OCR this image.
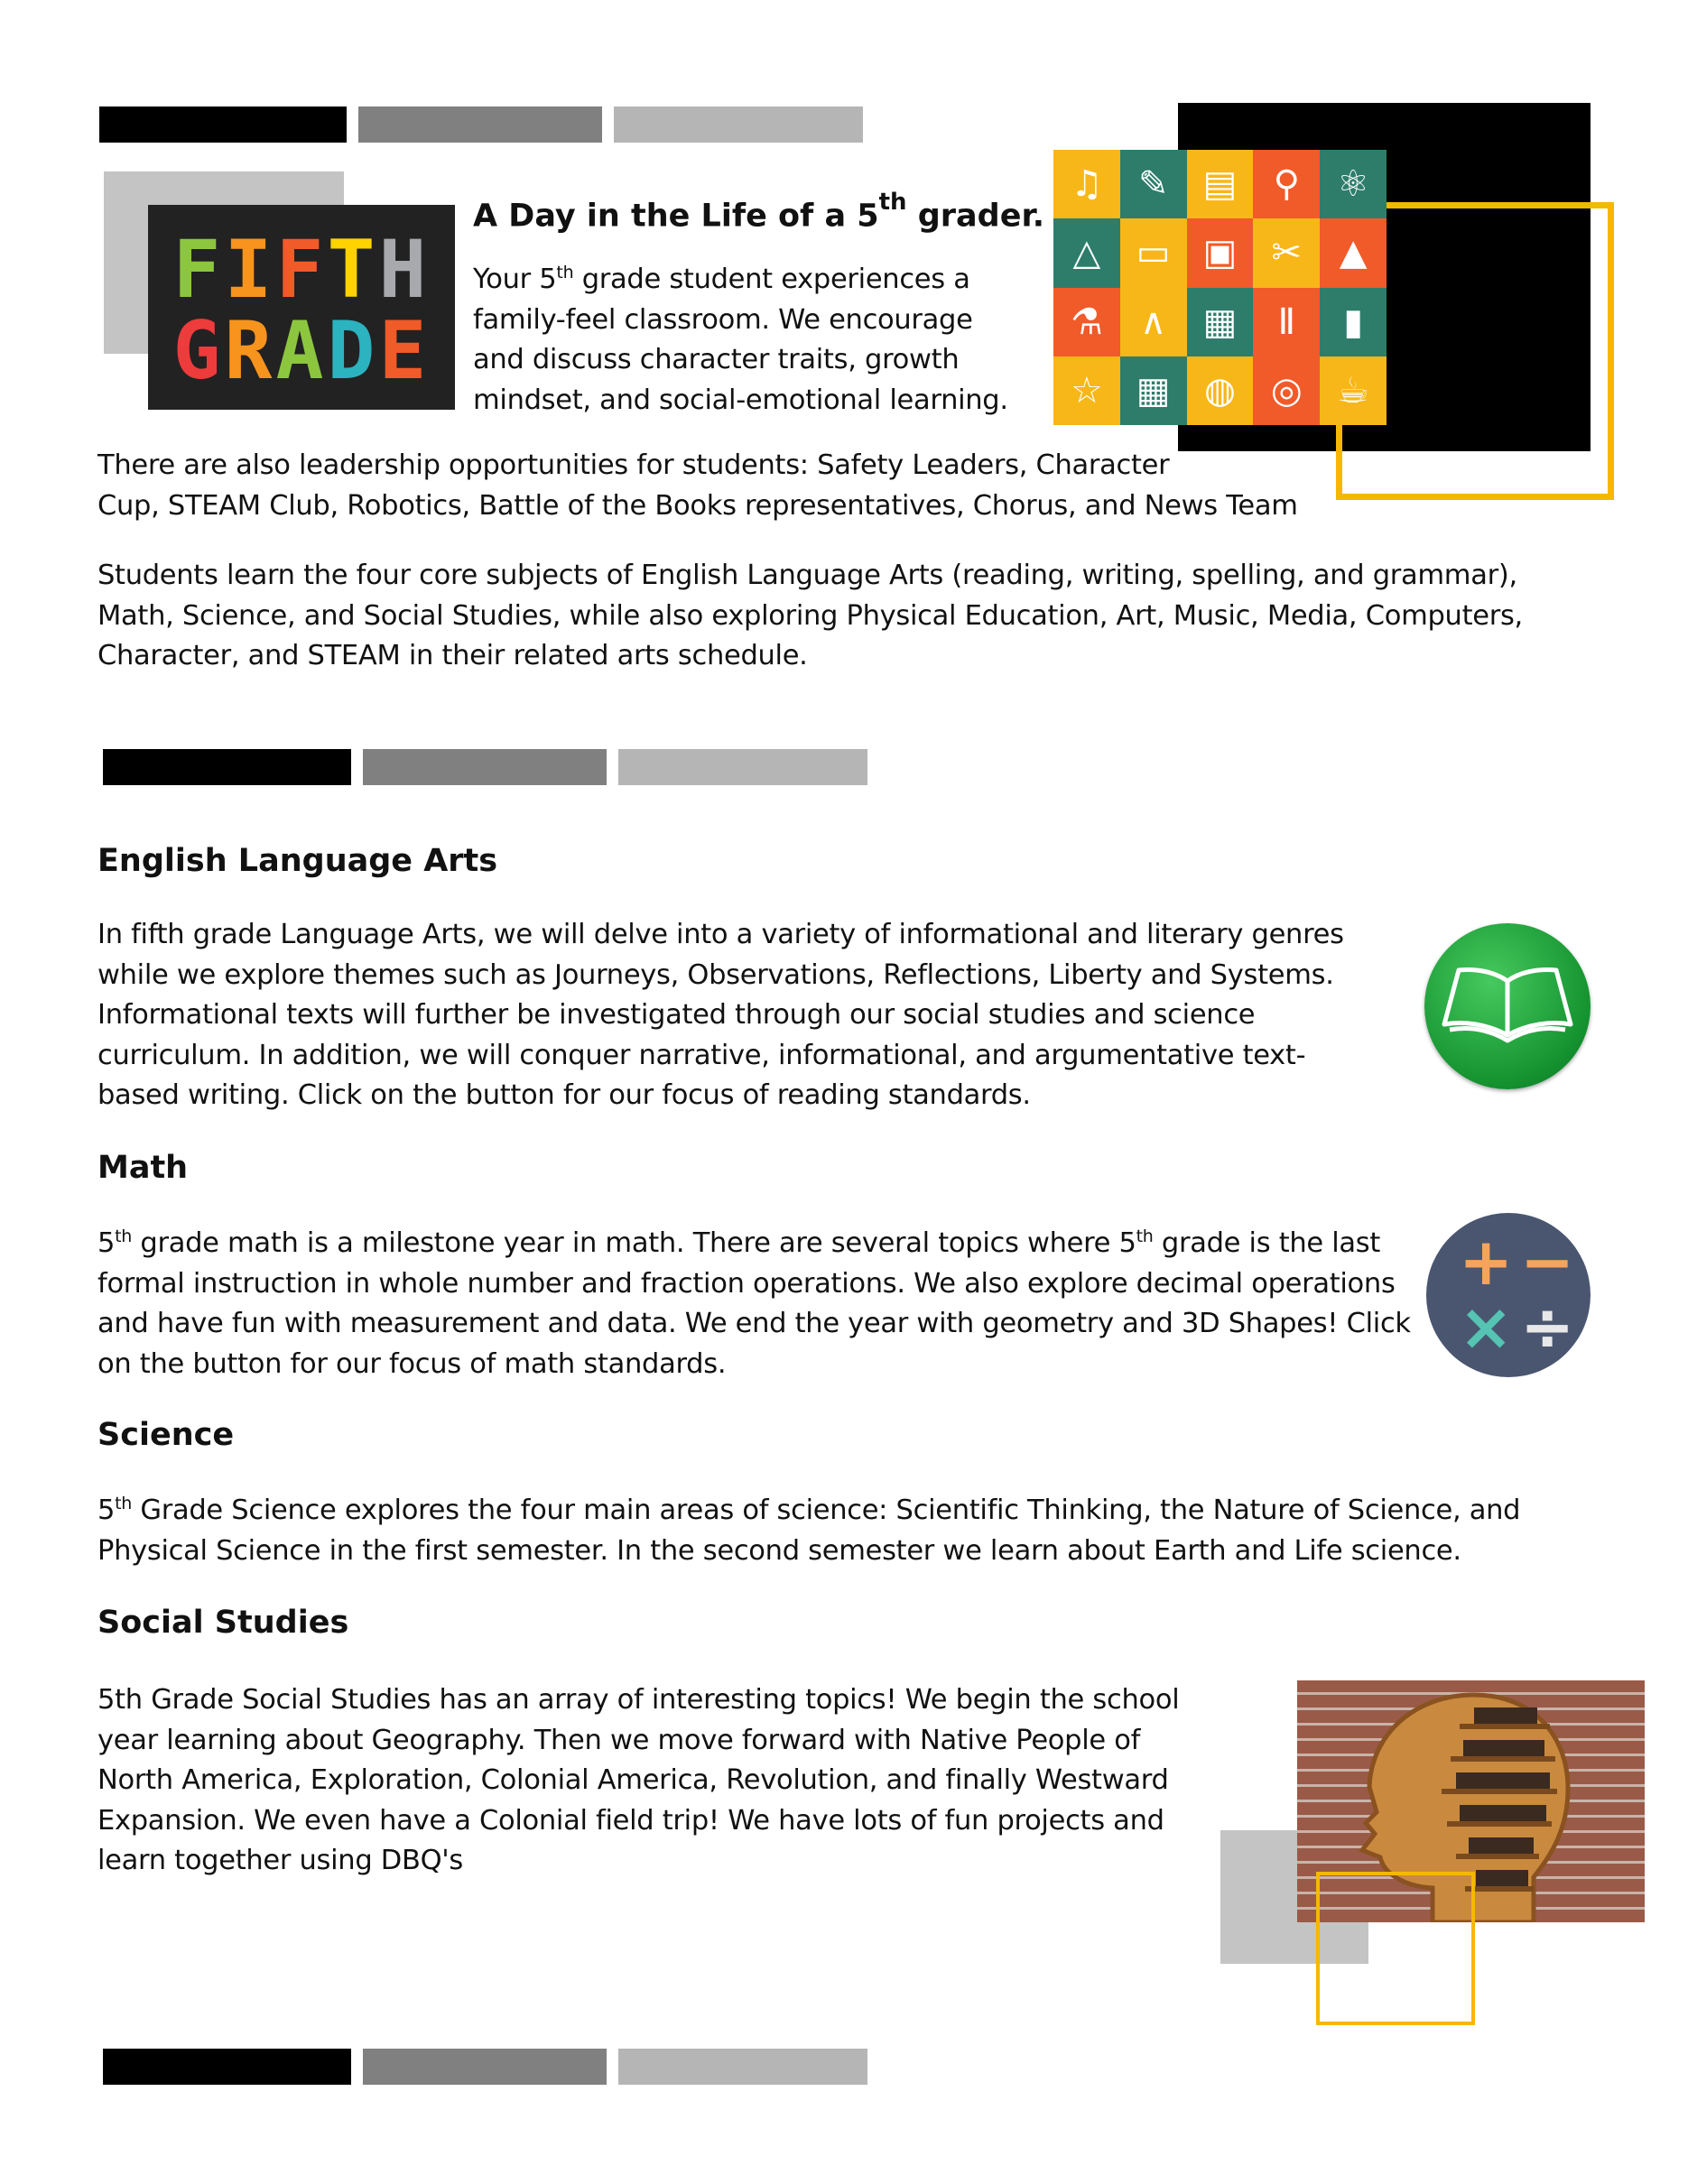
FIFTH
GRADE
A Day in the Life of a 5th grader.
Your 5th grade student experiences a
family-feel classroom. We encourage
and discuss character traits, growth
mindset, and social-emotional learning.
♫ ✎ ▤	⚲	⚛
△ ▭ ▣ ✂	▲
⚗	∧	▦	Ⅱ	▮
☆ ▦ ◍ ◎ ☕
There are also leadership opportunities for students: Safety Leaders, Character
Cup, STEAM Club, Robotics, Battle of the Books representatives, Chorus, and News Team
Students learn the four core subjects of English Language Arts (reading, writing, spelling, and grammar),
Math, Science, and Social Studies, while also exploring Physical Education, Art, Music, Media, Computers,
Character, and STEAM in their related arts schedule.
English Language Arts
In fifth grade Language Arts, we will delve into a variety of informational and literary genres
while we explore themes such as Journeys, Observations, Reflections, Liberty and Systems.
Informational texts will further be investigated through our social studies and science
curriculum. In addition, we will conquer narrative, informational, and argumentative text-
based writing. Click on the button for our focus of reading standards.
Math
5th grade math is a milestone year in math. There are several topics where 5th grade is the last
formal instruction in whole number and fraction operations. We also explore decimal operations
and have fun with measurement and data. We end the year with geometry and 3D Shapes! Click
on the button for our focus of math standards.
+ −
× ÷
Science
5th Grade Science explores the four main areas of science: Scientific Thinking, the Nature of Science, and
Physical Science in the first semester. In the second semester we learn about Earth and Life science.
Social Studies
5th Grade Social Studies has an array of interesting topics! We begin the school
year learning about Geography. Then we move forward with Native People of
North America, Exploration, Colonial America, Revolution, and finally Westward
Expansion. We even have a Colonial field trip! We have lots of fun projects and
learn together using DBQ's
